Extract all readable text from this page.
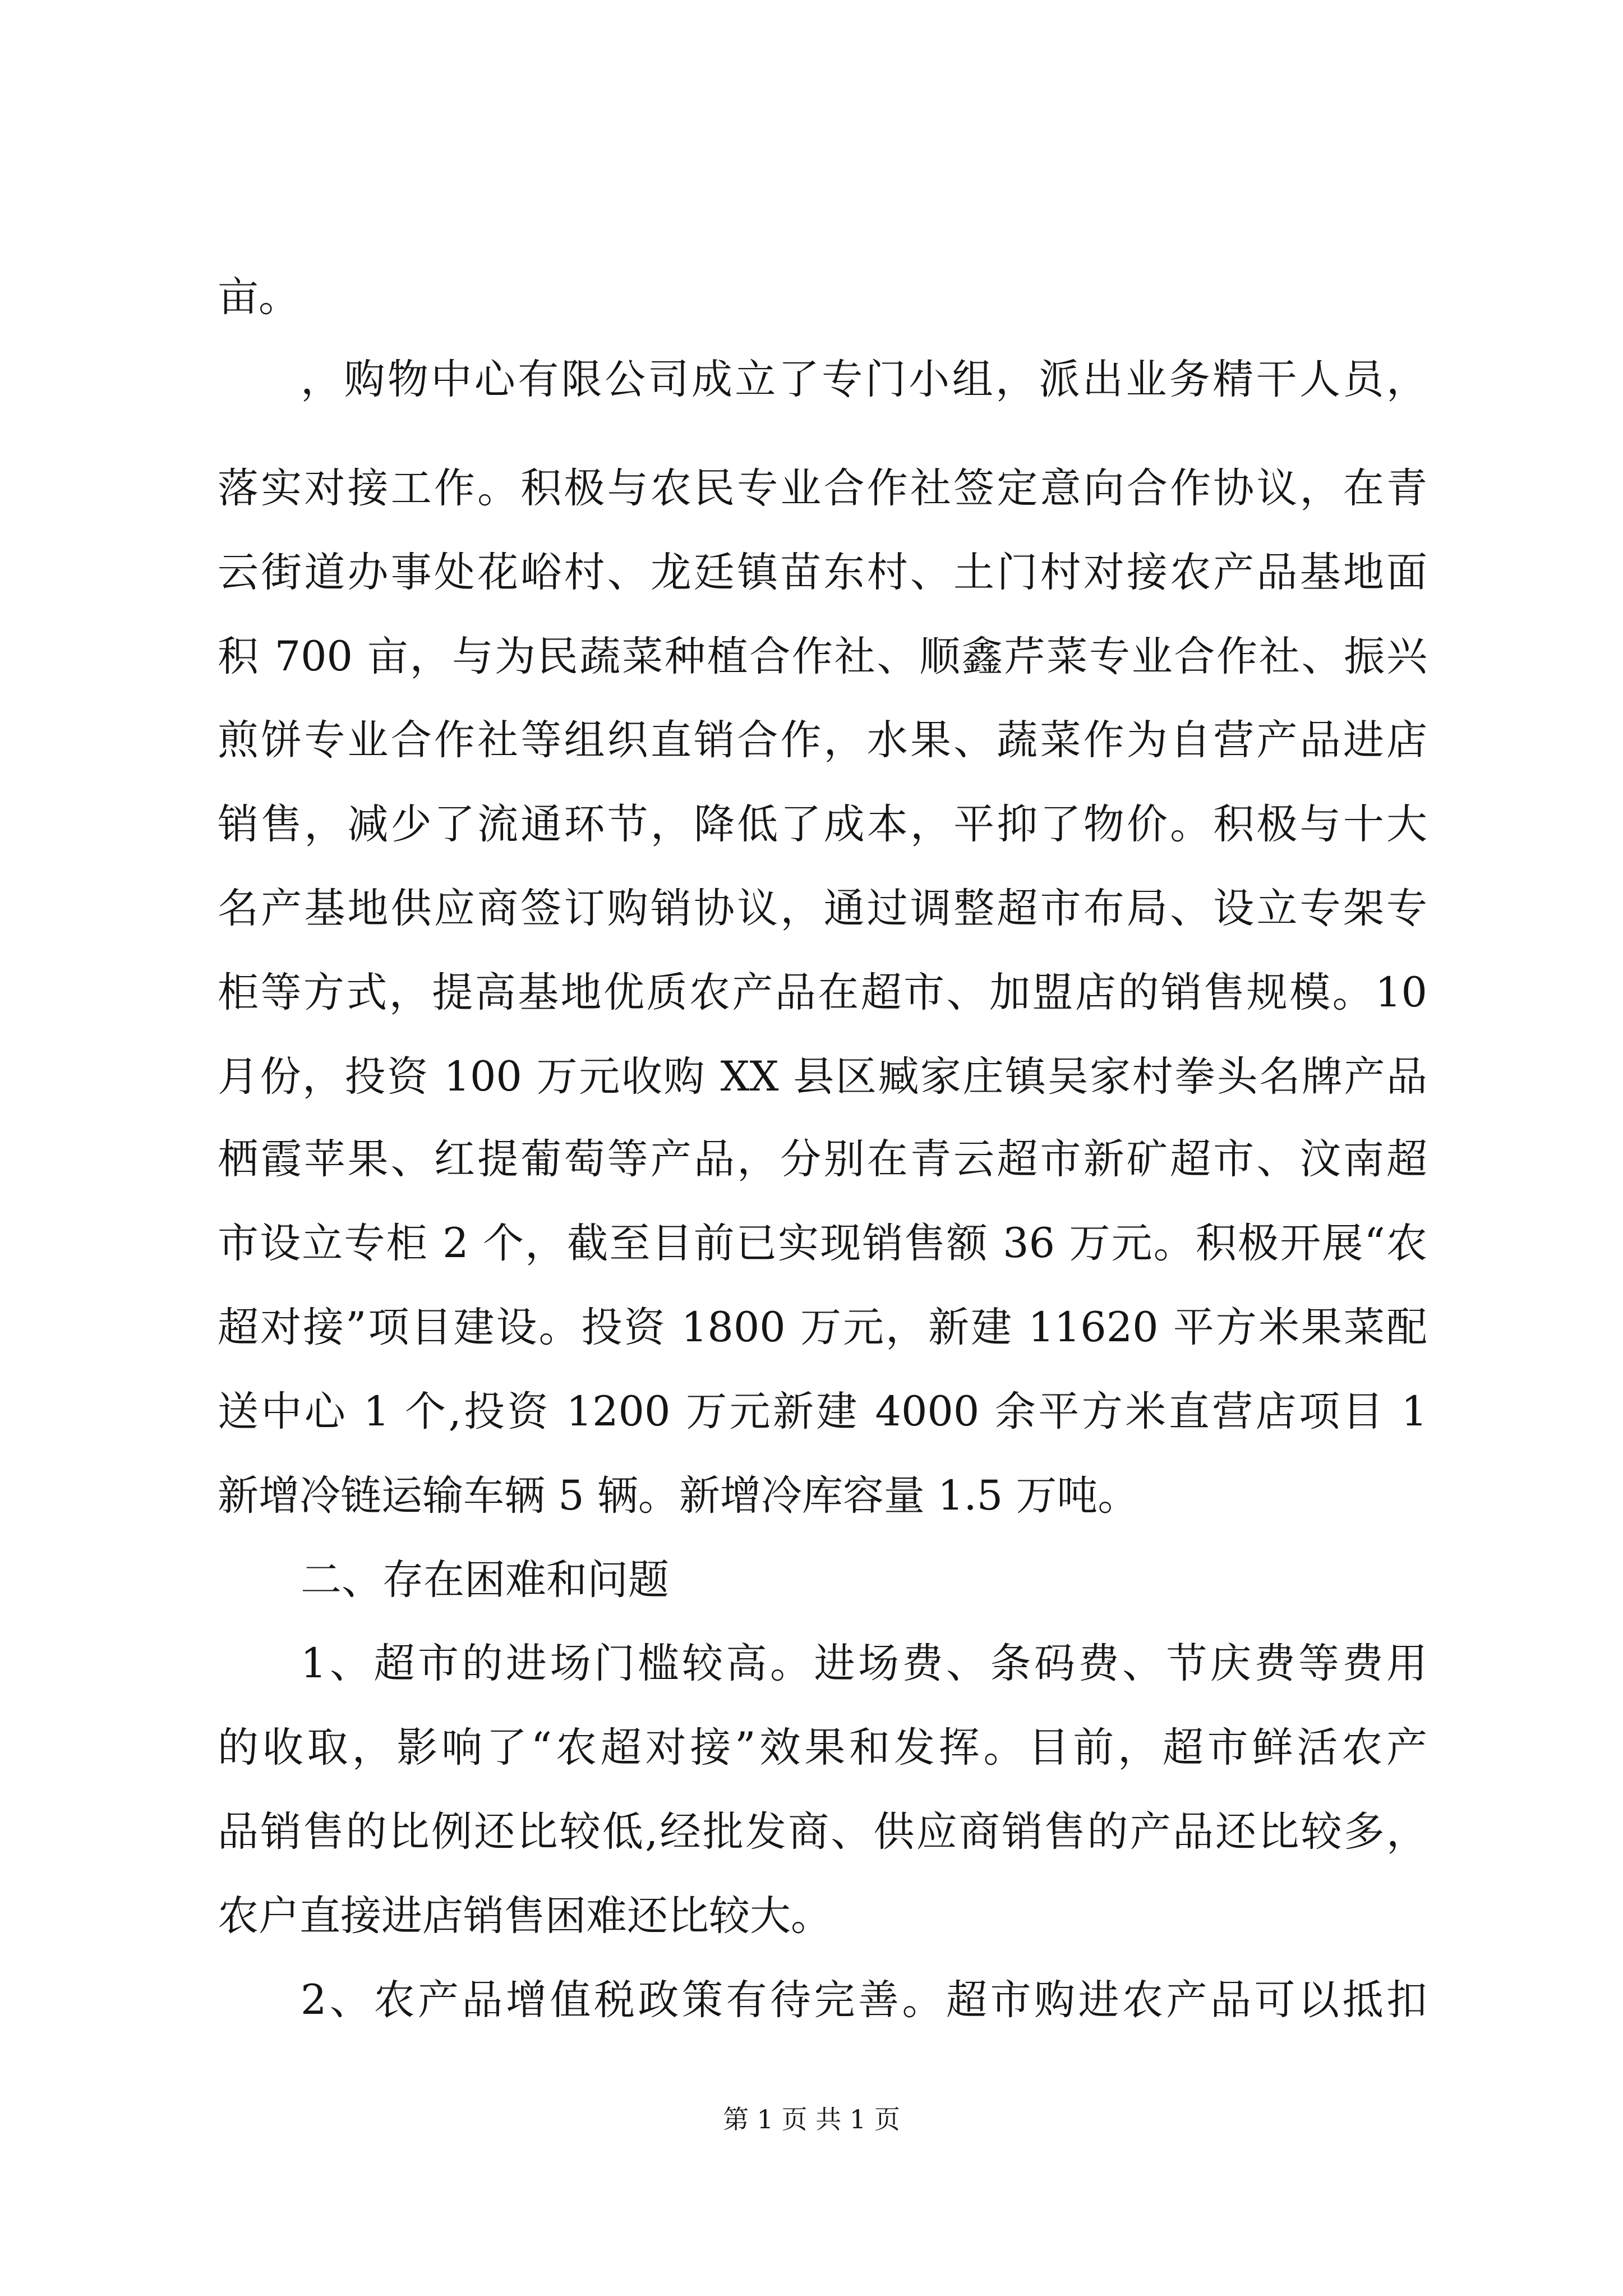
亩。
，购物中心有限公司成立了专门小组，派出业务精干人员，
落实对接工作。积极与农民专业合作社签定意向合作协议，在青
云街道办事处花峪村、龙廷镇苗东村、土门村对接农产品基地面
积 700 亩，与为民蔬菜种植合作社、顺鑫芹菜专业合作社、振兴
煎饼专业合作社等组织直销合作，水果、蔬菜作为自营产品进店
销售，减少了流通环节，降低了成本，平抑了物价。积极与十大
名产基地供应商签订购销协议，通过调整超市布局、设立专架专
柜等方式，提高基地优质农产品在超市、加盟店的销售规模。10
月份，投资 100 万元收购 XX 县区臧家庄镇吴家村拳头名牌产品
栖霞苹果、红提葡萄等产品，分别在青云超市新矿超市、汶南超
市设立专柜 2 个，截至目前已实现销售额 36 万元。积极开展“农
超对接”项目建设。投资 1800 万元，新建 11620 平方米果菜配
送中心 1 个,投资 1200 万元新建 4000 余平方米直营店项目 1
新增冷链运输车辆 5 辆。新增冷库容量 1.5 万吨。
二、存在困难和问题
1、超市的进场门槛较高。进场费、条码费、节庆费等费用
的收取，影响了“农超对接”效果和发挥。目前，超市鲜活农产
品销售的比例还比较低,经批发商、供应商销售的产品还比较多，
农户直接进店销售困难还比较大。
2、农产品增值税政策有待完善。超市购进农产品可以抵扣
第 1 页 共 1 页
